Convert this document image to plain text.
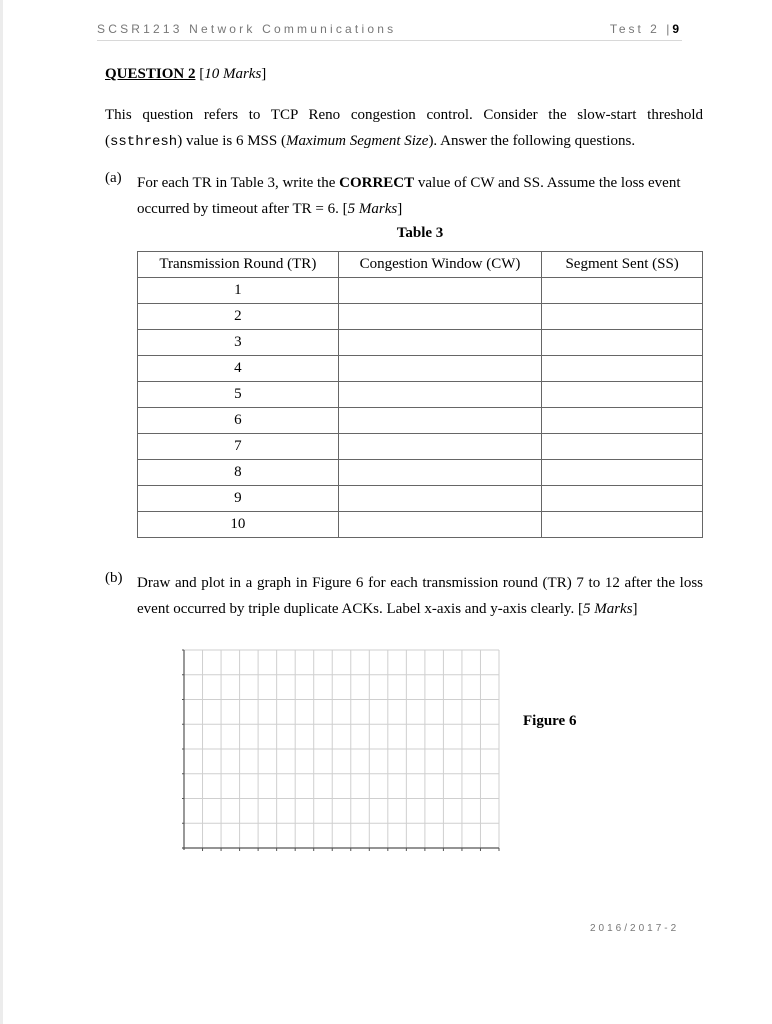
SCSR1213 Network Communications	Test 2 |9
QUESTION 2 [10 Marks]
This question refers to TCP Reno congestion control. Consider the slow-start threshold
(ssthresh) value is 6 MSS (Maximum Segment Size). Answer the following questions.
(a) For each TR in Table 3, write the CORRECT value of CW and SS. Assume the loss event
occurred by timeout after TR = 6. [5 Marks]
Table 3
Transmission Round (TR)	Congestion Window (CW)	Segment Sent (SS)
1		
2		
3		
4		
5		
6		
7		
8		
9		
10		
(b) Draw and plot in a graph in Figure 6 for each transmission round (TR) 7 to 12 after the loss
event occurred by triple duplicate ACKs. Label x-axis and y-axis clearly. [5 Marks]
Figure 6
2016/2017-2
